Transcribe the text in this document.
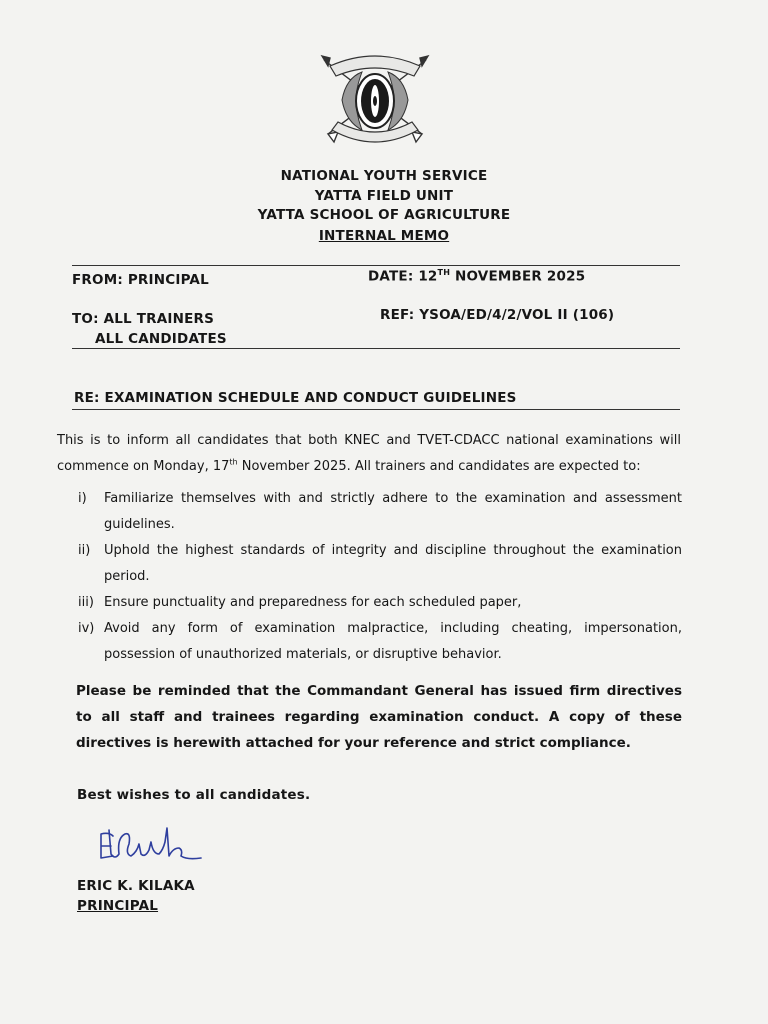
NATIONAL YOUTH SERVICE
YATTA FIELD UNIT
YATTA SCHOOL OF AGRICULTURE
INTERNAL MEMO
FROM: PRINCIPAL	DATE: 12TH NOVEMBER 2025
TO: ALL TRAINERS
ALL CANDIDATES
REF: YSOA/ED/4/2/VOL II (106)
RE: EXAMINATION SCHEDULE AND CONDUCT GUIDELINES
This is to inform all candidates that both KNEC and TVET-CDACC national examinations will commence on Monday, 17th November 2025. All trainers and candidates are expected to:
i) Familiarize themselves with and strictly adhere to the examination and assessment guidelines.
ii) Uphold the highest standards of integrity and discipline throughout the examination period.
iii) Ensure punctuality and preparedness for each scheduled paper,
iv) Avoid any form of examination malpractice, including cheating, impersonation, possession of unauthorized materials, or disruptive behavior.
Please be reminded that the Commandant General has issued firm directives to all staff and trainees regarding examination conduct. A copy of these directives is herewith attached for your reference and strict compliance.
Best wishes to all candidates.
ERIC K. KILAKA
PRINCIPAL
